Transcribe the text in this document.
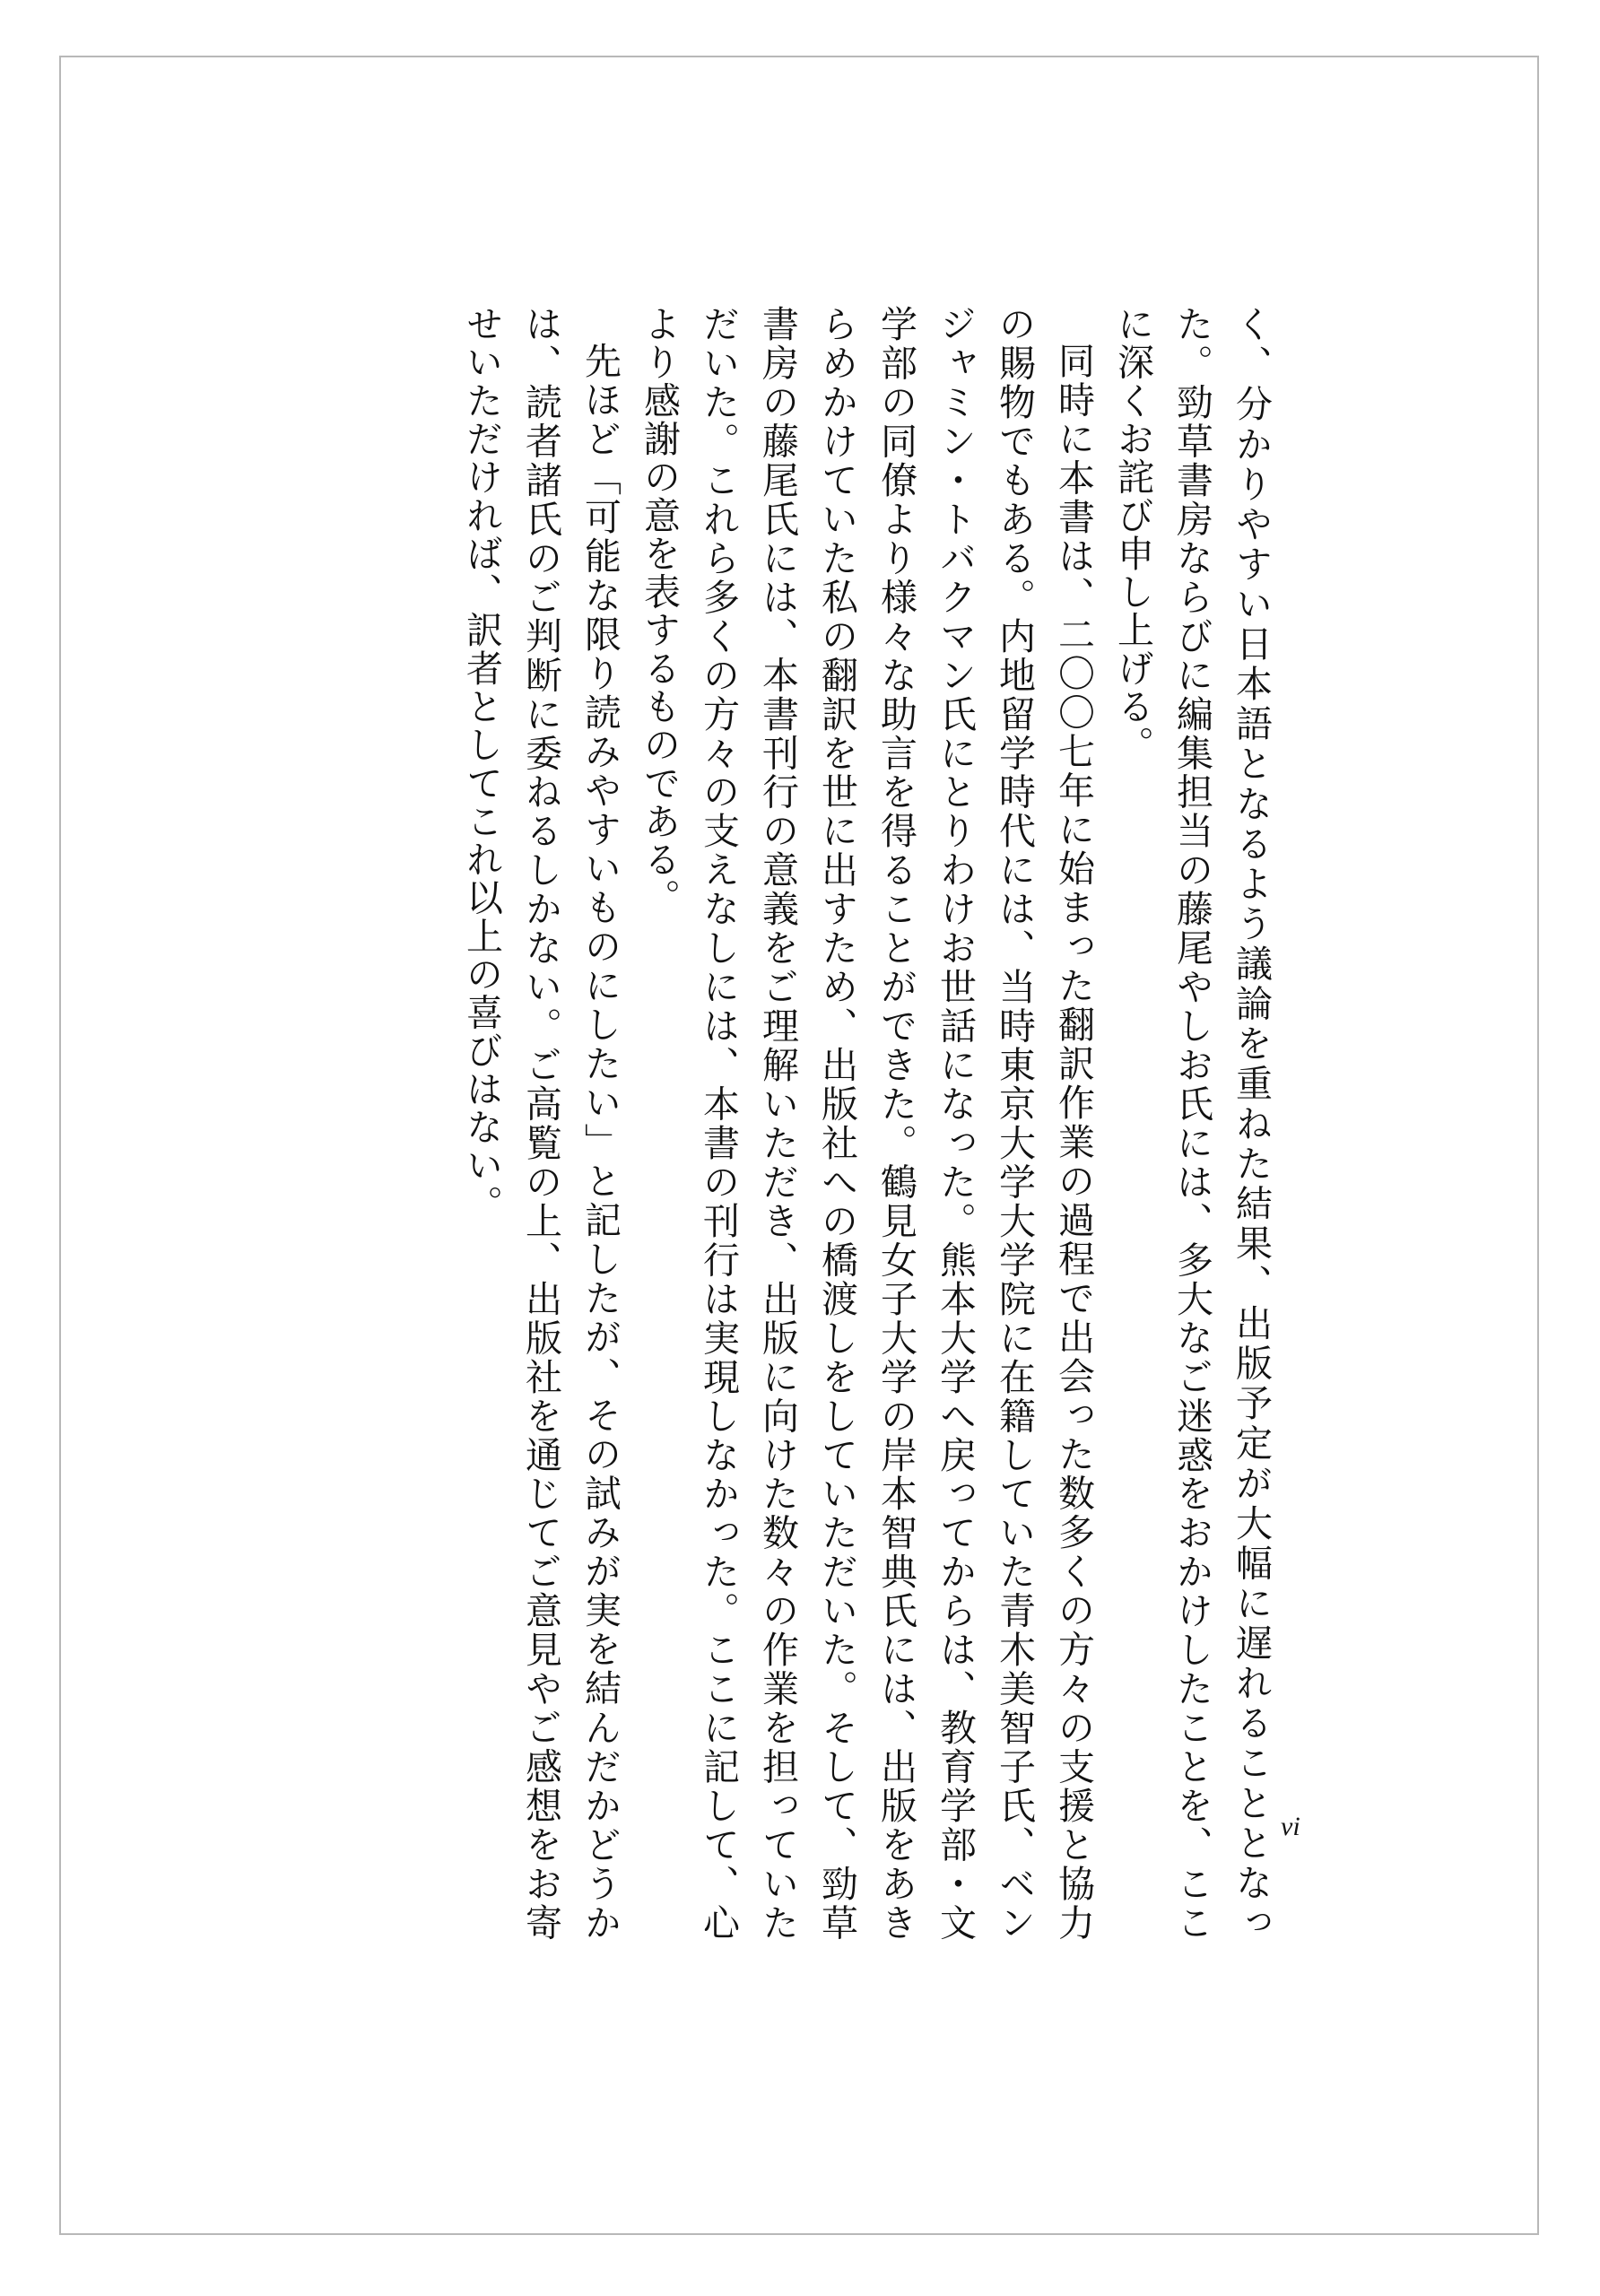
く、分かりやすい日本語となるよう議論を重ねた結果、出版予定が大幅に遅れることとなった。勁草書房ならびに編集担当の藤尾やしお氏には、多大なご迷惑をおかけしたことを、ここに深くお詫び申し上げる。

同時に本書は、二〇〇七年に始まった翻訳作業の過程で出会った数多くの方々の支援と協力の賜物でもある。内地留学時代には、当時東京大学大学院に在籍していた青木美智子氏、ベンジャミン・トバクマン氏にとりわけお世話になった。熊本大学へ戻ってからは、教育学部・文学部の同僚より様々な助言を得ることができた。鶴見女子大学の岸本智典氏には、出版をあきらめかけていた私の翻訳を世に出すため、出版社への橋渡しをしていただいた。そして、勁草書房の藤尾氏には、本書刊行の意義をご理解いただき、出版に向けた数々の作業を担っていただいた。これら多くの方々の支えなしには、本書の刊行は実現しなかった。ここに記して、心より感謝の意を表するものである。

先ほど「可能な限り読みやすいものにしたい」と記したが、その試みが実を結んだかどうかは、読者諸氏のご判断に委ねるしかない。ご高覧の上、出版社を通じてご意見やご感想をお寄せいただければ、訳者としてこれ以上の喜びはない。

vi
